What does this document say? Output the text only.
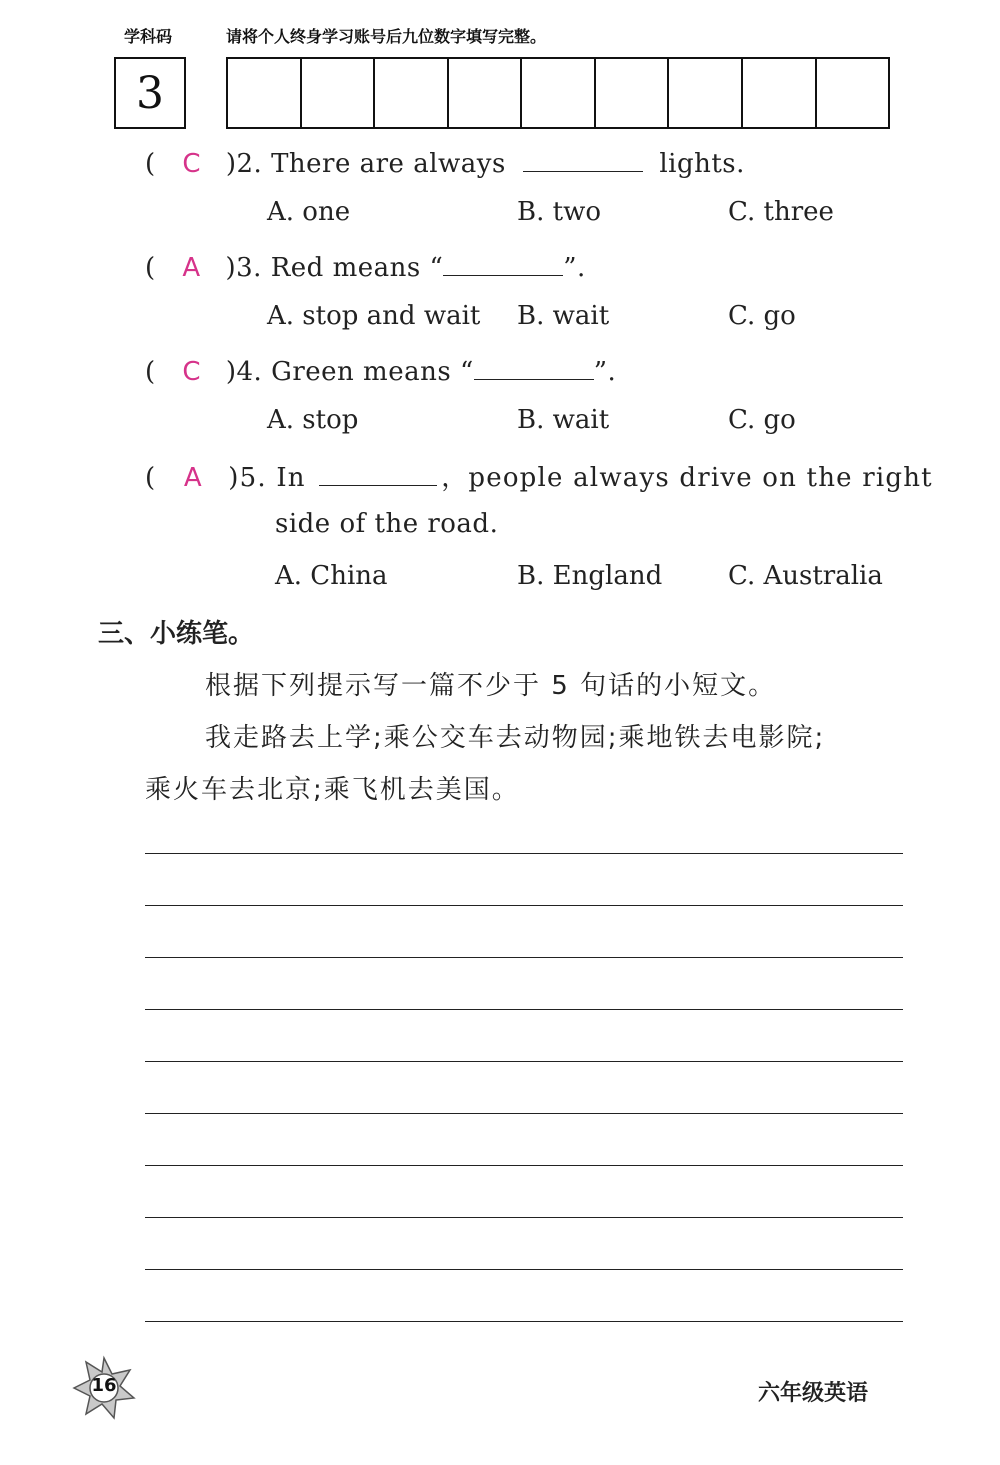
学科码	请将个人终身学习账号后九位数字填写完整。
3
( C )2. There are always	lights.
A. one	B. two	C. three
( A )3. Red means “	”.
A. stop and wait B. wait	C. go
( C )4. Green means “	”.
A. stop	B. wait	C. go
( A )5. In	，people always drive on the right
side of the road.
A. China	B. England	C. Australia
三、小练笔。
根据下列提示写一篇不少于 5 句话的小短文。
我走路去上学;乘公交车去动物园;乘地铁去电影院;
乘火车去北京;乘飞机去美国。
16	六年级英语
